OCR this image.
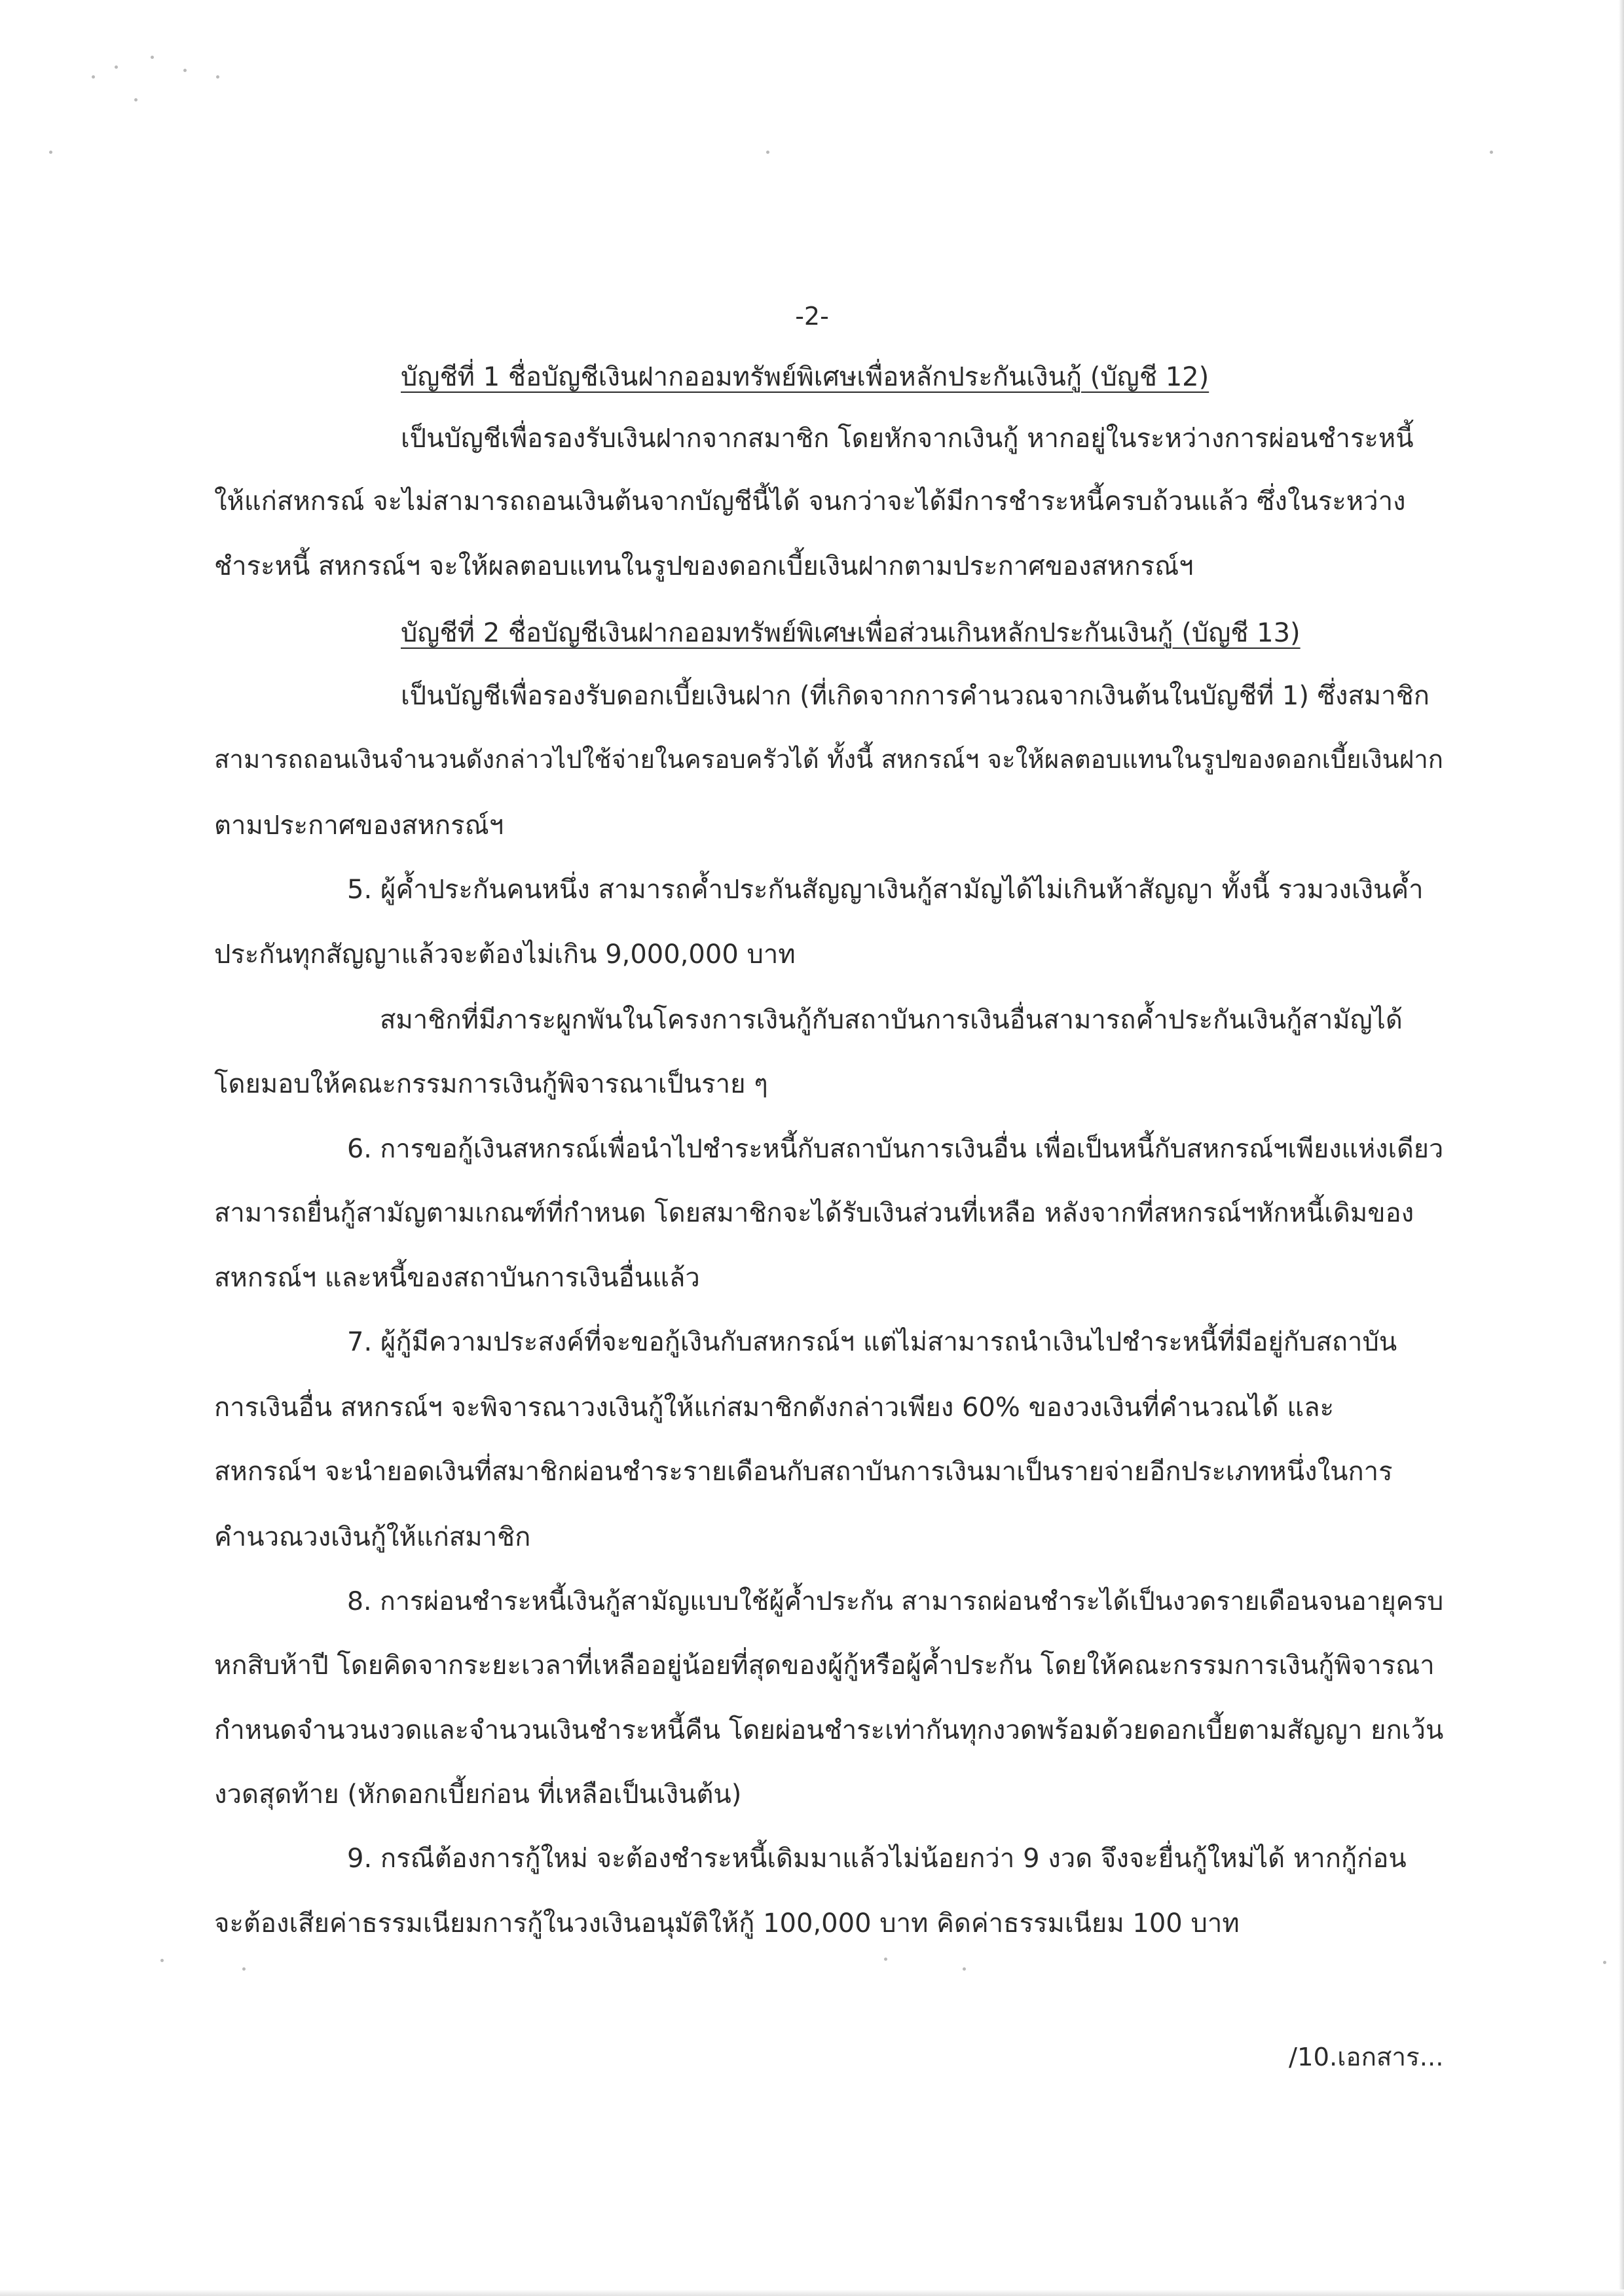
-2-
บัญชีที่ 1 ชื่อบัญชีเงินฝากออมทรัพย์พิเศษเพื่อหลักประกันเงินกู้ (บัญชี 12)
เป็นบัญชีเพื่อรองรับเงินฝากจากสมาชิก โดยหักจากเงินกู้ หากอยู่ในระหว่างการผ่อนชำระหนี้
ให้แก่สหกรณ์ จะไม่สามารถถอนเงินต้นจากบัญชีนี้ได้ จนกว่าจะได้มีการชำระหนี้ครบถ้วนแล้ว ซึ่งในระหว่าง
ชำระหนี้ สหกรณ์ฯ จะให้ผลตอบแทนในรูปของดอกเบี้ยเงินฝากตามประกาศของสหกรณ์ฯ
บัญชีที่ 2 ชื่อบัญชีเงินฝากออมทรัพย์พิเศษเพื่อส่วนเกินหลักประกันเงินกู้ (บัญชี 13)
เป็นบัญชีเพื่อรองรับดอกเบี้ยเงินฝาก (ที่เกิดจากการคำนวณจากเงินต้นในบัญชีที่ 1) ซึ่งสมาชิก
สามารถถอนเงินจำนวนดังกล่าวไปใช้จ่ายในครอบครัวได้ ทั้งนี้ สหกรณ์ฯ จะให้ผลตอบแทนในรูปของดอกเบี้ยเงินฝาก
ตามประกาศของสหกรณ์ฯ
5. ผู้ค้ำประกันคนหนึ่ง สามารถค้ำประกันสัญญาเงินกู้สามัญได้ไม่เกินห้าสัญญา ทั้งนี้ รวมวงเงินค้ำ
ประกันทุกสัญญาแล้วจะต้องไม่เกิน 9,000,000 บาท
สมาชิกที่มีภาระผูกพันในโครงการเงินกู้กับสถาบันการเงินอื่นสามารถค้ำประกันเงินกู้สามัญได้
โดยมอบให้คณะกรรมการเงินกู้พิจารณาเป็นราย ๆ
6. การขอกู้เงินสหกรณ์เพื่อนำไปชำระหนี้กับสถาบันการเงินอื่น เพื่อเป็นหนี้กับสหกรณ์ฯเพียงแห่งเดียว
สามารถยื่นกู้สามัญตามเกณฑ์ที่กำหนด โดยสมาชิกจะได้รับเงินส่วนที่เหลือ หลังจากที่สหกรณ์ฯหักหนี้เดิมของ
สหกรณ์ฯ และหนี้ของสถาบันการเงินอื่นแล้ว
7. ผู้กู้มีความประสงค์ที่จะขอกู้เงินกับสหกรณ์ฯ แต่ไม่สามารถนำเงินไปชำระหนี้ที่มีอยู่กับสถาบัน
การเงินอื่น สหกรณ์ฯ จะพิจารณาวงเงินกู้ให้แก่สมาชิกดังกล่าวเพียง 60% ของวงเงินที่คำนวณได้ และ
สหกรณ์ฯ จะนำยอดเงินที่สมาชิกผ่อนชำระรายเดือนกับสถาบันการเงินมาเป็นรายจ่ายอีกประเภทหนึ่งในการ
คำนวณวงเงินกู้ให้แก่สมาชิก
8. การผ่อนชำระหนี้เงินกู้สามัญแบบใช้ผู้ค้ำประกัน สามารถผ่อนชำระได้เป็นงวดรายเดือนจนอายุครบ
หกสิบห้าปี โดยคิดจากระยะเวลาที่เหลืออยู่น้อยที่สุดของผู้กู้หรือผู้ค้ำประกัน โดยให้คณะกรรมการเงินกู้พิจารณา
กำหนดจำนวนงวดและจำนวนเงินชำระหนี้คืน โดยผ่อนชำระเท่ากันทุกงวดพร้อมด้วยดอกเบี้ยตามสัญญา ยกเว้น
งวดสุดท้าย (หักดอกเบี้ยก่อน ที่เหลือเป็นเงินต้น)
9. กรณีต้องการกู้ใหม่ จะต้องชำระหนี้เดิมมาแล้วไม่น้อยกว่า 9 งวด จึงจะยื่นกู้ใหม่ได้ หากกู้ก่อน
จะต้องเสียค่าธรรมเนียมการกู้ในวงเงินอนุมัติให้กู้ 100,000 บาท คิดค่าธรรมเนียม 100 บาท
/10.เอกสาร...
